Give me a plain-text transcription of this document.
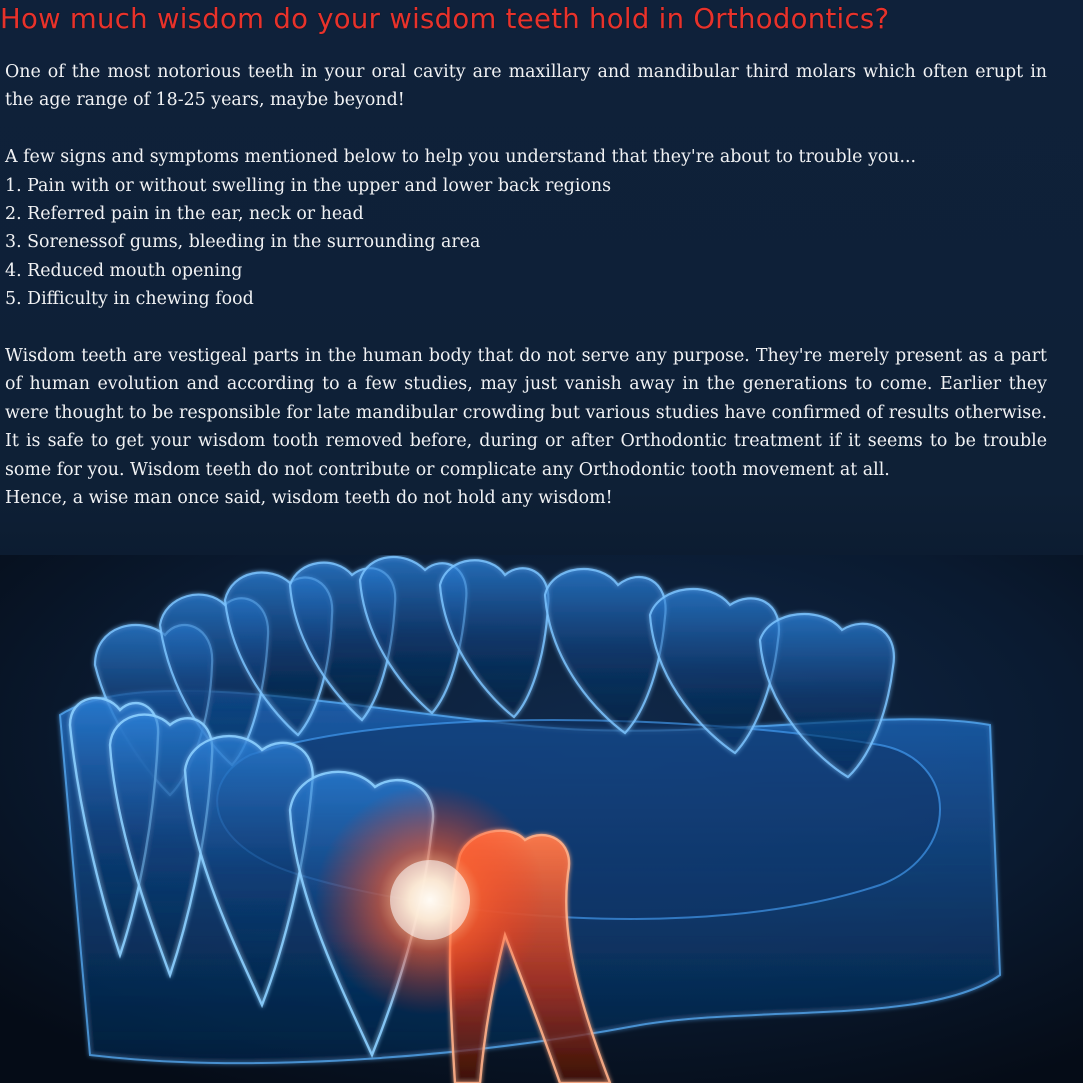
How much wisdom do your wisdom teeth hold in Orthodontics?

One of the most notorious teeth in your oral cavity are maxillary and mandibular third molars which often erupt in the age range of 18-25 years, maybe beyond!

A few signs and symptoms mentioned below to help you understand that they're about to trouble you...

1. Pain with or without swelling in the upper and lower back regions

2. Referred pain in the ear, neck or head

3. Sorenessof gums, bleeding in the surrounding area

4. Reduced mouth opening

5. Difficulty in chewing food

Wisdom teeth are vestigeal parts in the human body that do not serve any purpose. They're merely present as a part of human evolution and according to a few studies, may just vanish away in the generations to come. Earlier they were thought to be responsible for late mandibular crowding but various studies have confirmed of results otherwise. It is safe to get your wisdom tooth removed before, during or after Orthodontic treatment if it seems to be trouble some for you. Wisdom teeth do not contribute or complicate any Orthodontic tooth movement at all.

Hence, a wise man once said, wisdom teeth do not hold any wisdom!
